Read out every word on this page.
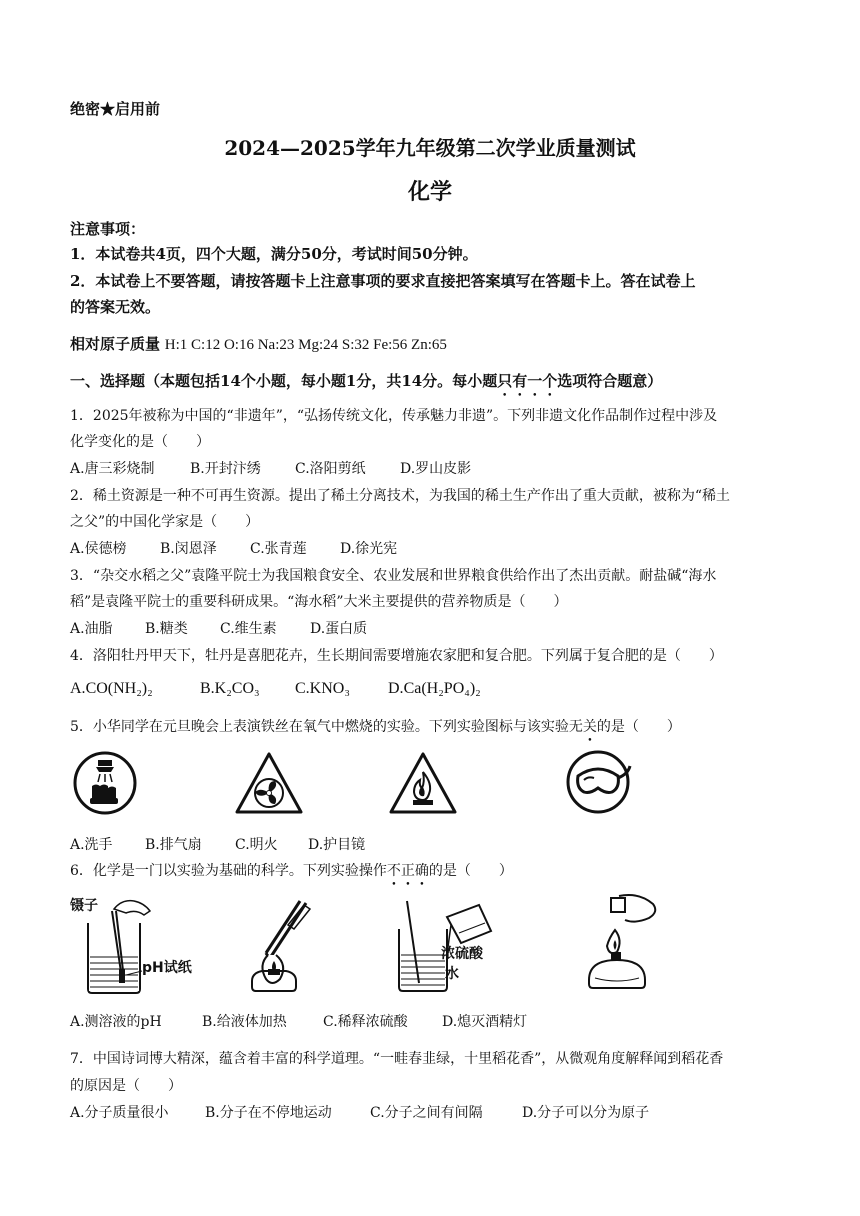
绝密★启用前
2024—2025学年九年级第二次学业质量测试
化学
注意事项：
1．本试卷共4页，四个大题，满分50分，考试时间50分钟。
2．本试卷上不要答题，请按答题卡上注意事项的要求直接把答案填写在答题卡上。答在试卷上
的答案无效。
相对原子质量 H:1 C:12 O:16 Na:23 Mg:24 S:32 Fe:56 Zn:65
一、选择题（本题包括14个小题，每小题1分，共14分。每小题只有一个选项符合题意）
1．2025年被称为中国的“非遗年”，“弘扬传统文化，传承魅力非遗”。下列非遗文化作品制作过程中涉及
化学变化的是（　　）
A.唐三彩烧制	B.开封汴绣 C.洛阳剪纸 D.罗山皮影
2．稀土资源是一种不可再生资源。提出了稀土分离技术，为我国的稀土生产作出了重大贡献，被称为“稀土
之父”的中国化学家是（　　）
A.侯德榜 B.闵恩泽 C.张青莲 D.徐光宪
3．“杂交水稻之父”袁隆平院士为我国粮食安全、农业发展和世界粮食供给作出了杰出贡献。耐盐碱“海水
稻”是袁隆平院士的重要科研成果。“海水稻”大米主要提供的营养物质是（　　）
A.油脂 B.糖类 C.维生素 D.蛋白质
4．洛阳牡丹甲天下，牡丹是喜肥花卉，生长期间需要增施农家肥和复合肥。下列属于复合肥的是（　　）
A.CO(NH₂)₂	B.K₂CO₃ C.KNO₃ D.Ca(H₂PO₄)₂
5．小华同学在元旦晚会上表演铁丝在氧气中燃烧的实验。下列实验图标与该实验无关的是（　　）
A.洗手 B.排气扇 C.明火 D.护目镜
6．化学是一门以实验为基础的科学。下列实验操作不正确的是（　　）
镊子
pH试纸
浓硫酸
水
A.测溶液的pH	B.给液体加热	C.稀释浓硫酸 D.熄灭酒精灯
7．中国诗词博大精深，蕴含着丰富的科学道理。“一畦春韭绿，十里稻花香”，从微观角度解释闻到稻花香
的原因是（　　）
A.分子质量很小	B.分子在不停地运动	C.分子之间有间隔	D.分子可以分为原子
